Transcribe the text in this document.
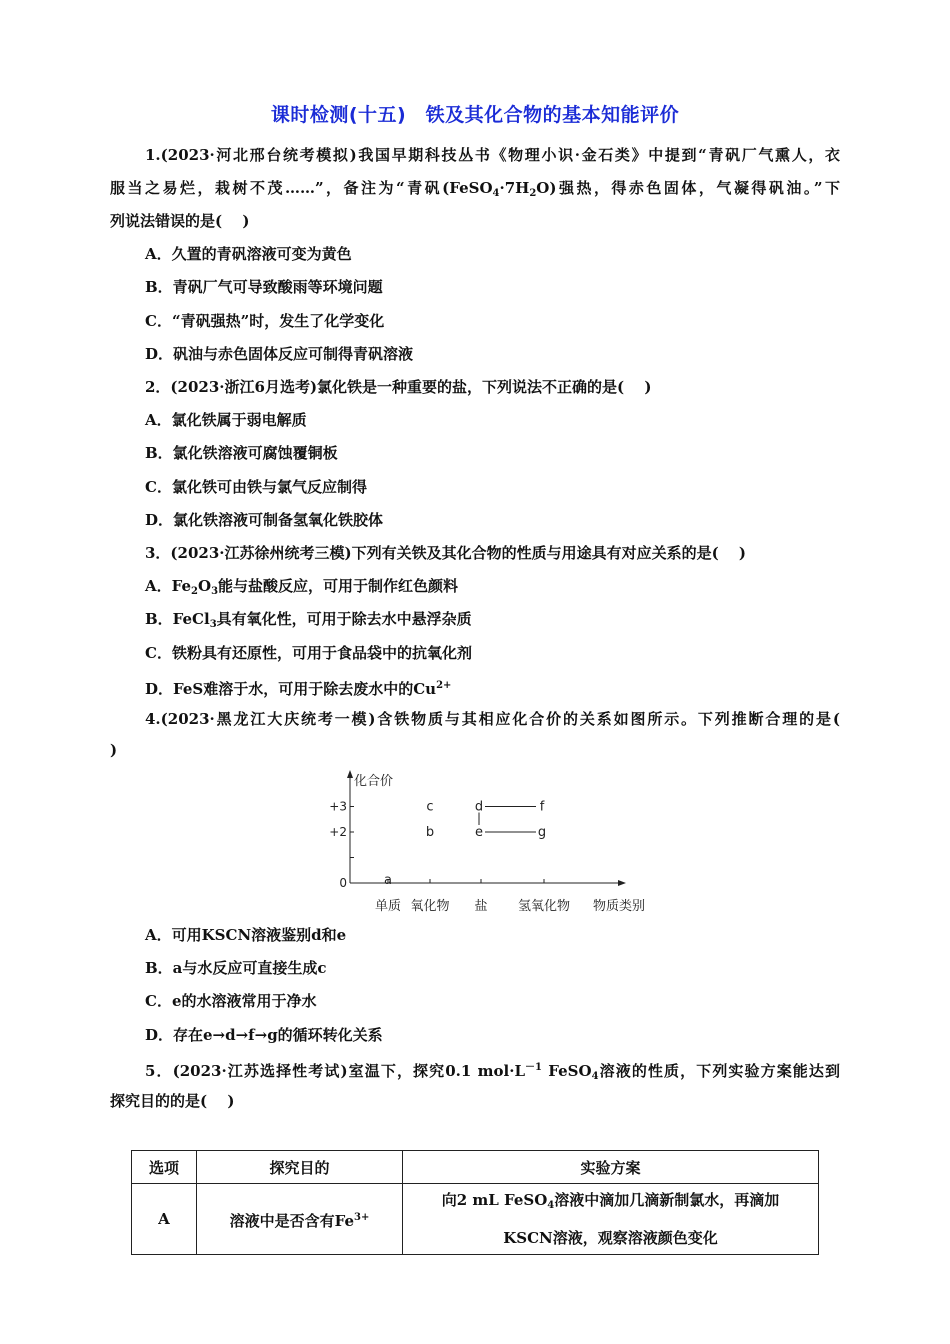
课时检测(十五)　铁及其化合物的基本知能评价
1.(2023·河北邢台统考模拟)我国早期科技丛书《物理小识·金石类》中提到“青矾厂气熏人，衣
服当之易烂，栽树不茂……”，备注为“青矾$(FeSO_4\cdot 7H_2O)$强热，得赤色固体，气凝得矾油。”下
列说法错误的是(　 )
A．久置的青矾溶液可变为黄色
B．青矾厂气可导致酸雨等环境问题
C．“青矾强热”时，发生了化学变化
D．矾油与赤色固体反应可制得青矾溶液
2．(2023·浙江6月选考)氯化铁是一种重要的盐，下列说法不正确的是(　 )
A．氯化铁属于弱电解质
B．氯化铁溶液可腐蚀覆铜板
C．氯化铁可由铁与氯气反应制得
D．氯化铁溶液可制备氢氧化铁胶体
3．(2023·江苏徐州统考三模)下列有关铁及其化合物的性质与用途具有对应关系的是(　 )
A．$Fe_2O_3$能与盐酸反应，可用于制作红色颜料
B．FeCl$_3$具有氧化性，可用于除去水中悬浮杂质
C．铁粉具有还原性，可用于食品袋中的抗氧化剂
D．FeS难溶于水，可用于除去废水中的$Cu^{2+}$
4.(2023·黑龙江大庆统考一模)含铁物质与其相应化合价的关系如图所示。下列推断合理的是(
)
化合价
物质类别
+3
+2
0
单质 氧化物 盐 氢氧化物
a
b
c	d
e
f
g
A．可用KSCN溶液鉴别d和e
B．a与水反应可直接生成c
C．e的水溶液常用于净水
D．存在e→d→f→g的循环转化关系
5．(2023·江苏选择性考试)室温下，探究0.1 $mol\cdot L^{-1}$ FeSO$_4$溶液的性质，下列实验方案能达到
探究目的的是(　 )
选项	探究目的	实验方案
A	溶液中是否含有$Fe^{3+}$	向2 mL FeSO$_4$溶液中滴加几滴新制氯水，再滴加
KSCN溶液，观察溶液颜色变化
